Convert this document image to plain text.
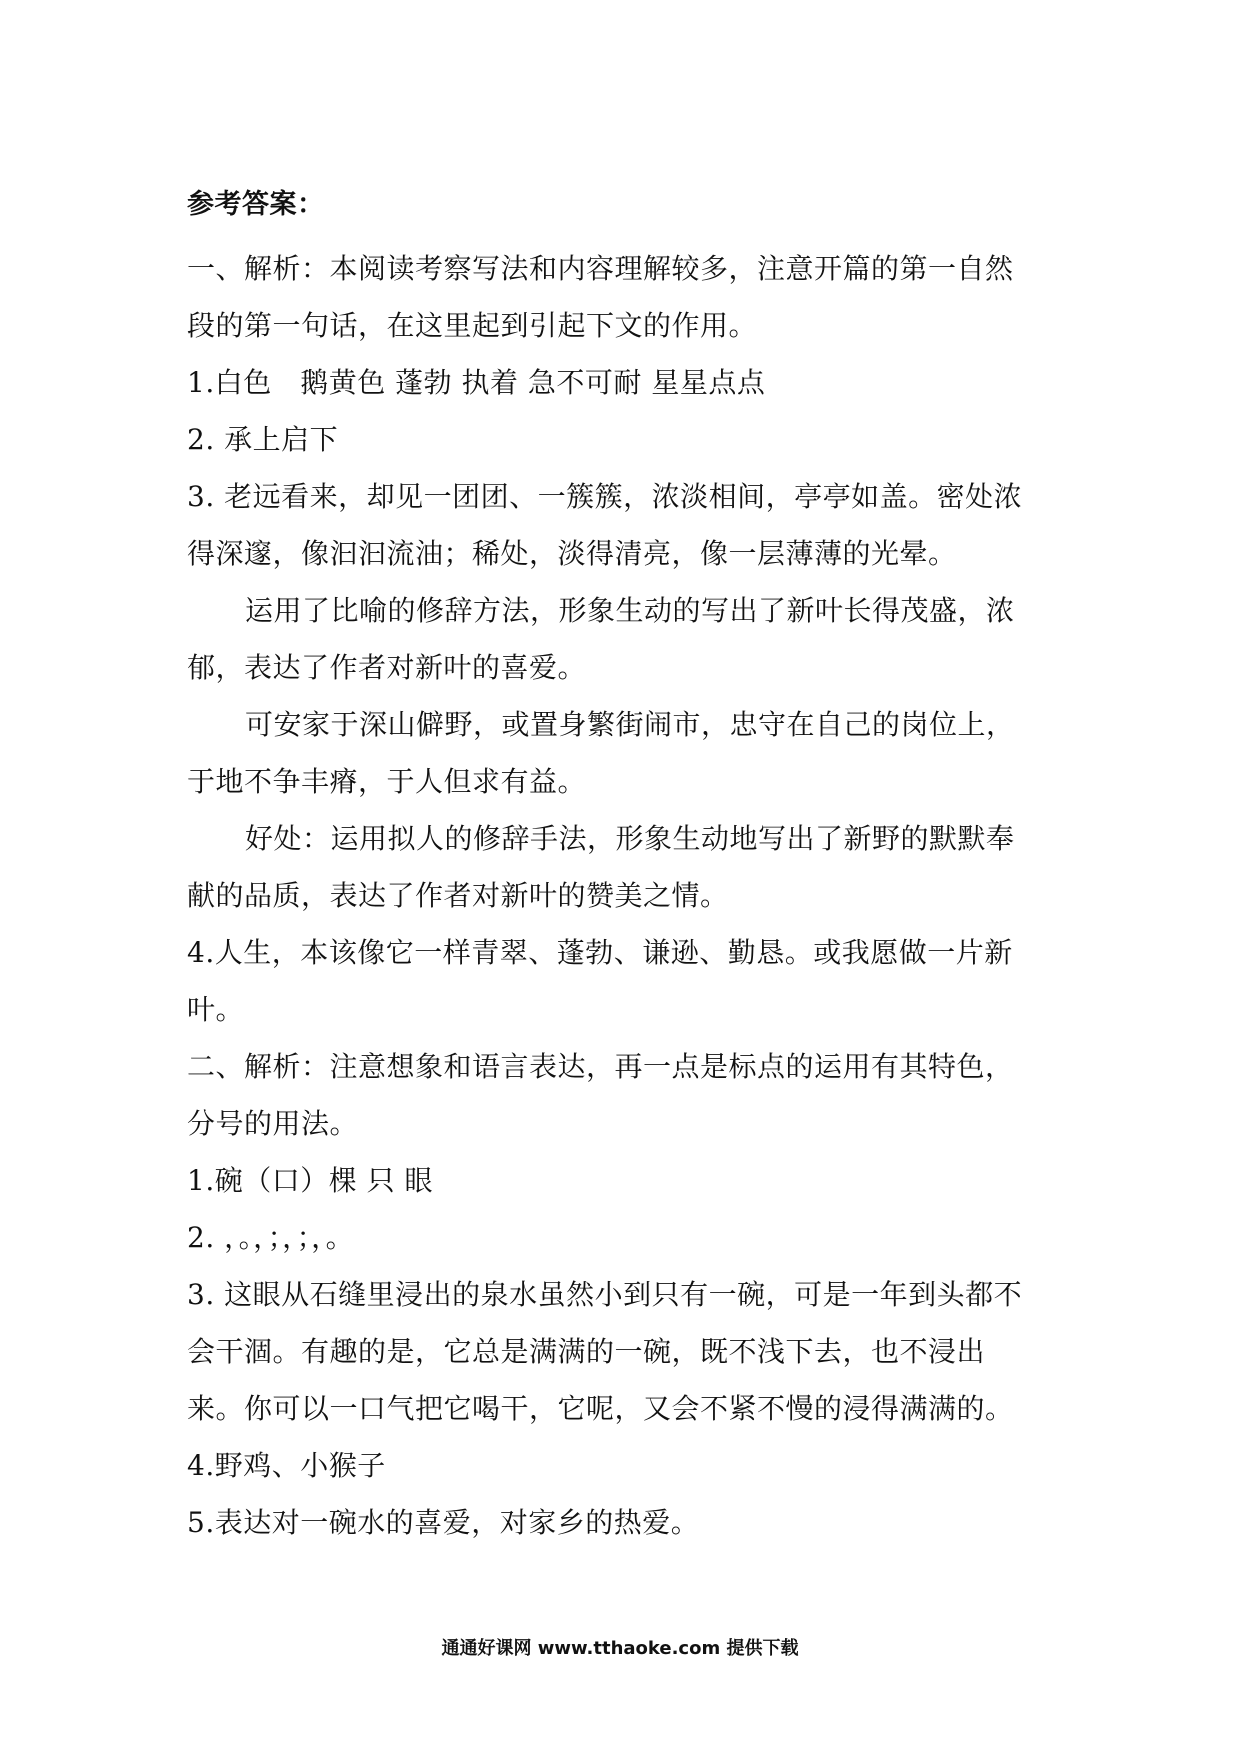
参考答案：
一、解析：本阅读考察写法和内容理解较多，注意开篇的第一自然
段的第一句话，在这里起到引起下文的作用。
1.白色　鹅黄色 蓬勃 执着 急不可耐 星星点点
2. 承上启下
3. 老远看来，却见一团团、一簇簇，浓淡相间，亭亭如盖。密处浓
得深邃，像汩汩流油；稀处，淡得清亮，像一层薄薄的光晕。
运用了比喻的修辞方法，形象生动的写出了新叶长得茂盛，浓
郁，表达了作者对新叶的喜爱。
可安家于深山僻野，或置身繁街闹市，忠守在自己的岗位上，
于地不争丰瘠，于人但求有益。
好处：运用拟人的修辞手法，形象生动地写出了新野的默默奉
献的品质，表达了作者对新叶的赞美之情。
4.人生，本该像它一样青翠、蓬勃、谦逊、勤恳。或我愿做一片新
叶。
二、解析：注意想象和语言表达，再一点是标点的运用有其特色，
分号的用法。
1.碗（口）棵 只 眼
2. ，。，；，；，。
3. 这眼从石缝里浸出的泉水虽然小到只有一碗，可是一年到头都不
会干涸。有趣的是，它总是满满的一碗，既不浅下去，也不浸出
来。你可以一口气把它喝干，它呢，又会不紧不慢的浸得满满的。
4.野鸡、小猴子
5.表达对一碗水的喜爱，对家乡的热爱。
通通好课网 www.tthaoke.com 提供下载
